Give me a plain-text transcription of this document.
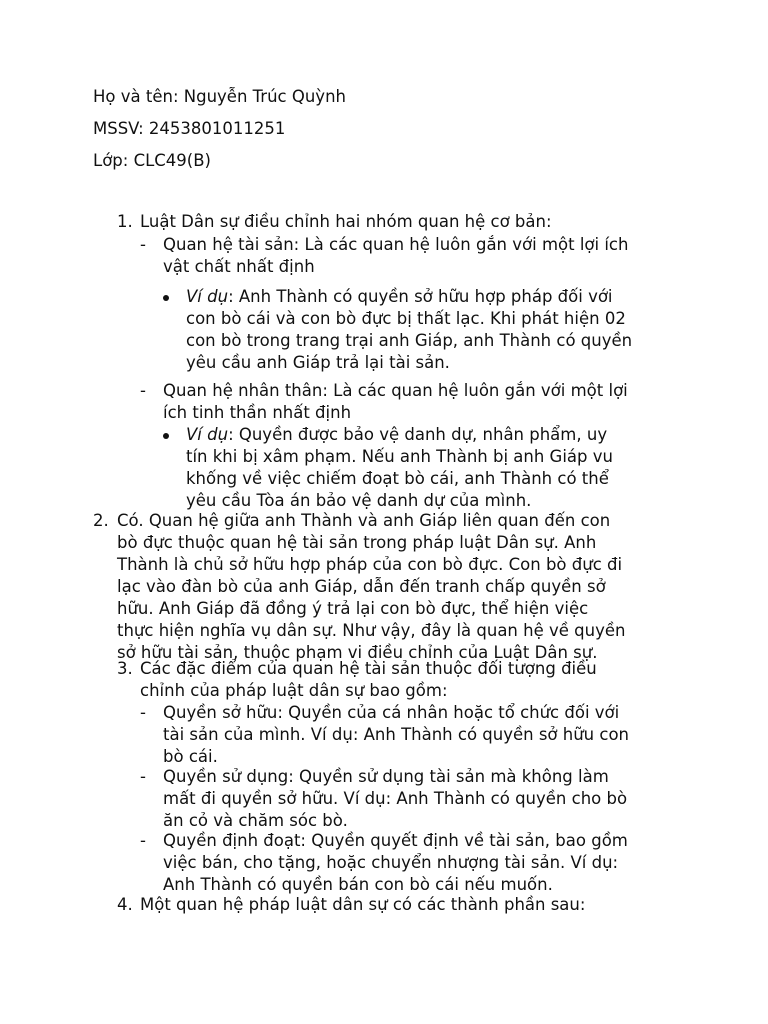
Họ và tên: Nguyễn Trúc Quỳnh
MSSV: 2453801011251
Lớp: CLC49(B)
1. Luật Dân sự điều chỉnh hai nhóm quan hệ cơ bản:
- Quan hệ tài sản: Là các quan hệ luôn gắn với một lợi ích
vật chất nhất định
Ví dụ: Anh Thành có quyền sở hữu hợp pháp đối với
con bò cái và con bò đực bị thất lạc. Khi phát hiện 02
con bò trong trang trại anh Giáp, anh Thành có quyền
yêu cầu anh Giáp trả lại tài sản.
- Quan hệ nhân thân: Là các quan hệ luôn gắn với một lợi
ích tinh thần nhất định
Ví dụ: Quyền được bảo vệ danh dự, nhân phẩm, uy
tín khi bị xâm phạm. Nếu anh Thành bị anh Giáp vu
khống về việc chiếm đoạt bò cái, anh Thành có thể
yêu cầu Tòa án bảo vệ danh dự của mình.
2. Có. Quan hệ giữa anh Thành và anh Giáp liên quan đến con
bò đực thuộc quan hệ tài sản trong pháp luật Dân sự. Anh
Thành là chủ sở hữu hợp pháp của con bò đực. Con bò đực đi
lạc vào đàn bò của anh Giáp, dẫn đến tranh chấp quyền sở
hữu. Anh Giáp đã đồng ý trả lại con bò đực, thể hiện việc
thực hiện nghĩa vụ dân sự. Như vậy, đây là quan hệ về quyền
sở hữu tài sản, thuộc phạm vi điều chỉnh của Luật Dân sự.
3. Các đặc điểm của quan hệ tài sản thuộc đối tượng điều
chỉnh của pháp luật dân sự bao gồm:
- Quyền sở hữu: Quyền của cá nhân hoặc tổ chức đối với
tài sản của mình. Ví dụ: Anh Thành có quyền sở hữu con
bò cái.
- Quyền sử dụng: Quyền sử dụng tài sản mà không làm
mất đi quyền sở hữu. Ví dụ: Anh Thành có quyền cho bò
ăn cỏ và chăm sóc bò.
- Quyền định đoạt: Quyền quyết định về tài sản, bao gồm
việc bán, cho tặng, hoặc chuyển nhượng tài sản. Ví dụ:
Anh Thành có quyền bán con bò cái nếu muốn.
4. Một quan hệ pháp luật dân sự có các thành phần sau:
